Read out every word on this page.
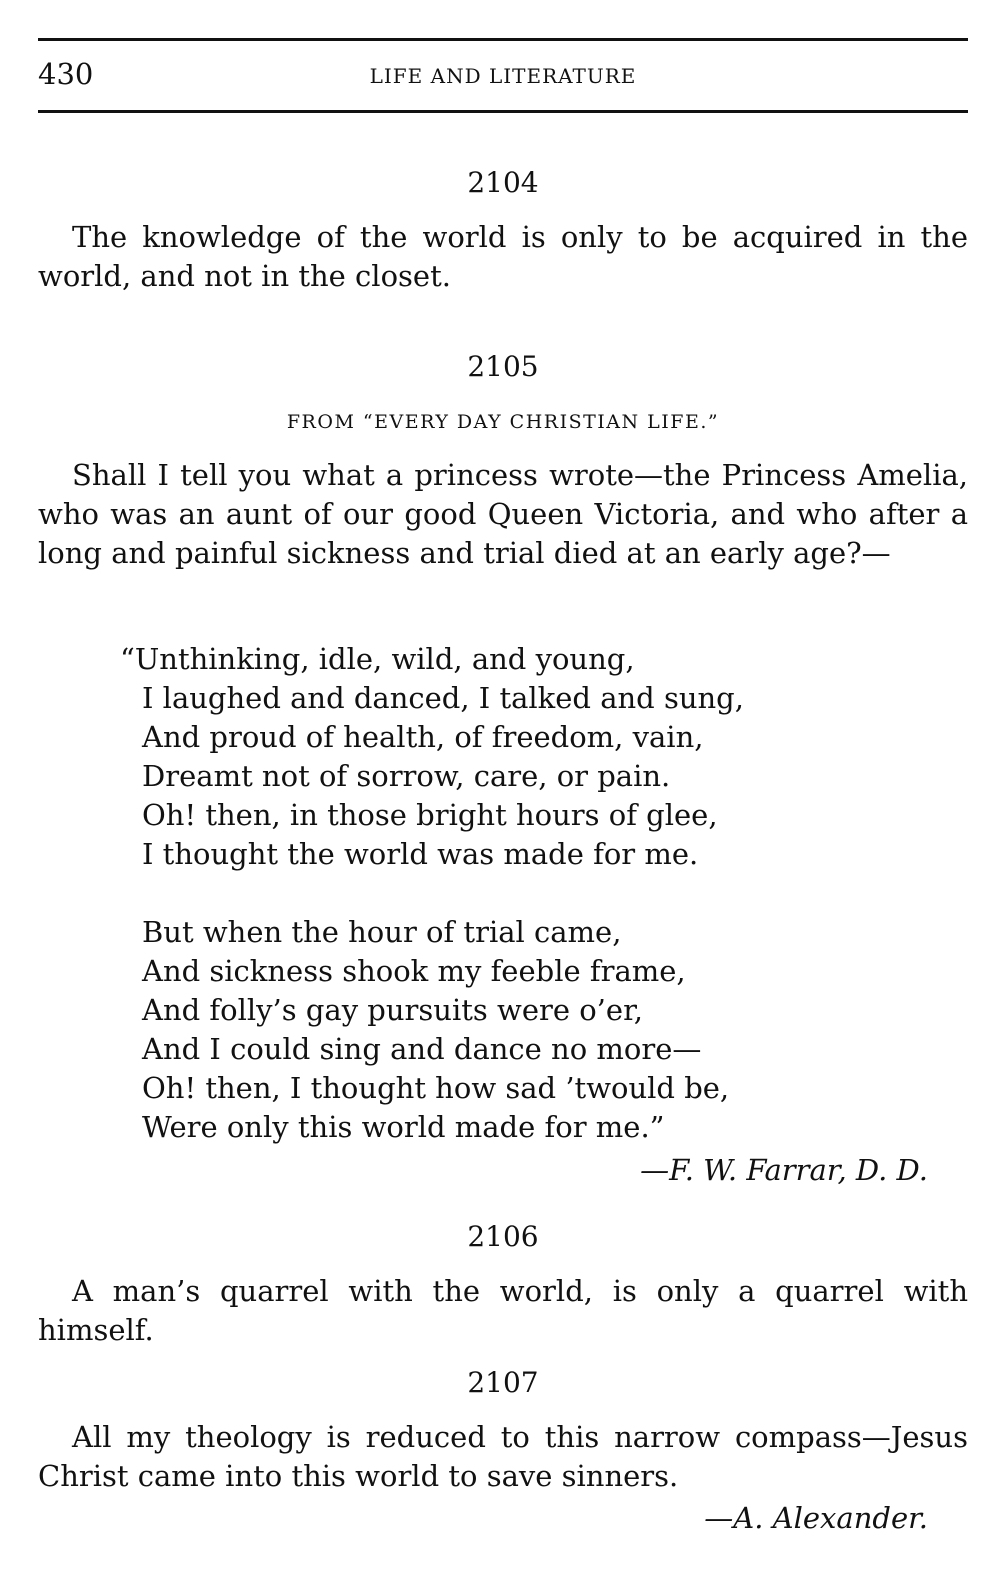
430	LIFE AND LITERATURE
2104

The knowledge of the world is only to be acquired in the world, and not in the closet.

2105
FROM “EVERY DAY CHRISTIAN LIFE.”

Shall I tell you what a princess wrote—the Princess Amelia, who was an aunt of our good Queen Victoria, and who after a long and painful sickness and trial died at an early age?—

“Unthinking, idle, wild, and young,
I laughed and danced, I talked and sung,
And proud of health, of freedom, vain,
Dreamt not of sorrow, care, or pain.
Oh! then, in those bright hours of glee,
I thought the world was made for me.
But when the hour of trial came,
And sickness shook my feeble frame,
And folly’s gay pursuits were o’er,
And I could sing and dance no more—
Oh! then, I thought how sad ’twould be,
Were only this world made for me.”
—F. W. Farrar, D. D.
2106

A man’s quarrel with the world, is only a quarrel with himself.

2107

All my theology is reduced to this narrow compass—Jesus Christ came into this world to save sinners.

—A. Alexander.
